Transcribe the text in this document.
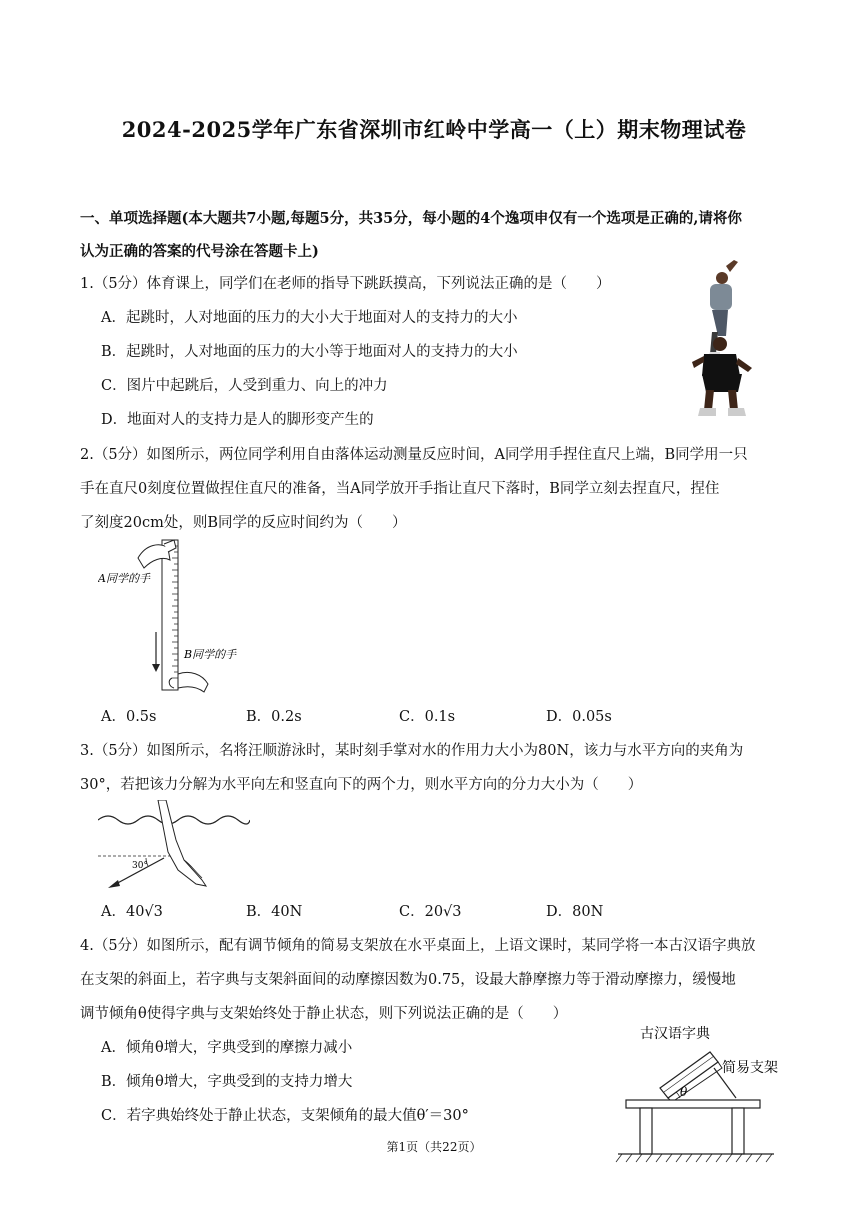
2024-2025学年广东省深圳市红岭中学高一（上）期末物理试卷
一、单项选择题(本大题共7小题,每题5分，共35分，每小题的4个逸项申仅有一个选项是正确的,请将你
认为正确的答案的代号涂在答题卡上)
1.（5分）体育课上，同学们在老师的指导下跳跃摸高，下列说法正确的是（　　）
A．起跳时，人对地面的压力的大小大于地面对人的支持力的大小
B．起跳时，人对地面的压力的大小等于地面对人的支持力的大小
C．图片中起跳后，人受到重力、向上的冲力
D．地面对人的支持力是人的脚形变产生的
2.（5分）如图所示，两位同学利用自由落体运动测量反应时间，A同学用手捏住直尺上端，B同学用一只
手在直尺0刻度位置做捏住直尺的准备，当A同学放开手指让直尺下落时，B同学立刻去捏直尺，捏住
了刻度20cm处，则B同学的反应时间约为（　　）
A同学的手
B同学的手
A．0.5s	B．0.2s	C．0.1s	D．0.05s
3.（5分）如图所示，名将汪顺游泳时，某时刻手掌对水的作用力大小为80N，该力与水平方向的夹角为
30°，若把该力分解为水平向左和竖直向下的两个力，则水平方向的分力大小为（　　）
30°
A．40√3	B．40N	C．20√3	D．80N
4.（5分）如图所示，配有调节倾角的简易支架放在水平桌面上，上语文课时，某同学将一本古汉语字典放
在支架的斜面上，若字典与支架斜面间的动摩擦因数为0.75，设最大静摩擦力等于滑动摩擦力，缓慢地
调节倾角θ使得字典与支架始终处于静止状态，则下列说法正确的是（　　）
A．倾角θ增大，字典受到的摩擦力减小
B．倾角θ增大，字典受到的支持力增大
C．若字典始终处于静止状态，支架倾角的最大值θ′＝30°
古汉语字典
简易支架
θ
第1页（共22页）
